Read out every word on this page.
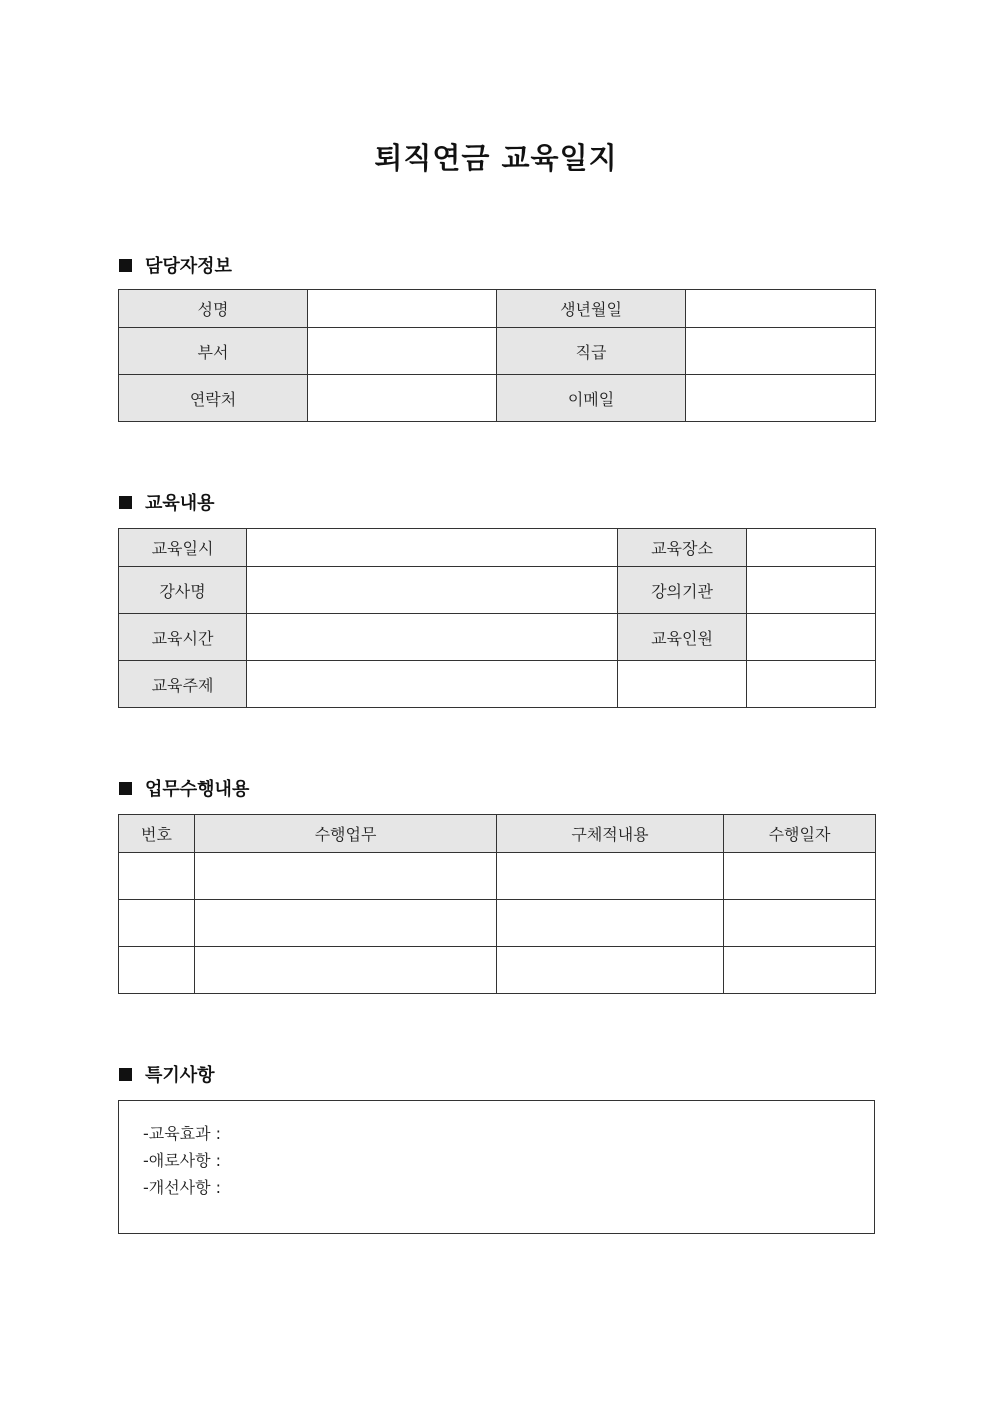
퇴직연금 교육일지
담당자정보
성명		생년월일	
부서		직급	
연락처		이메일	
교육내용
교육일시		교육장소	
강사명		강의기관	
교육시간		교육인원	
교육주제			
업무수행내용
번호	수행업무	구체적내용	수행일자

특기사항
-교육효과 :
-애로사항 :
-개선사항 :
